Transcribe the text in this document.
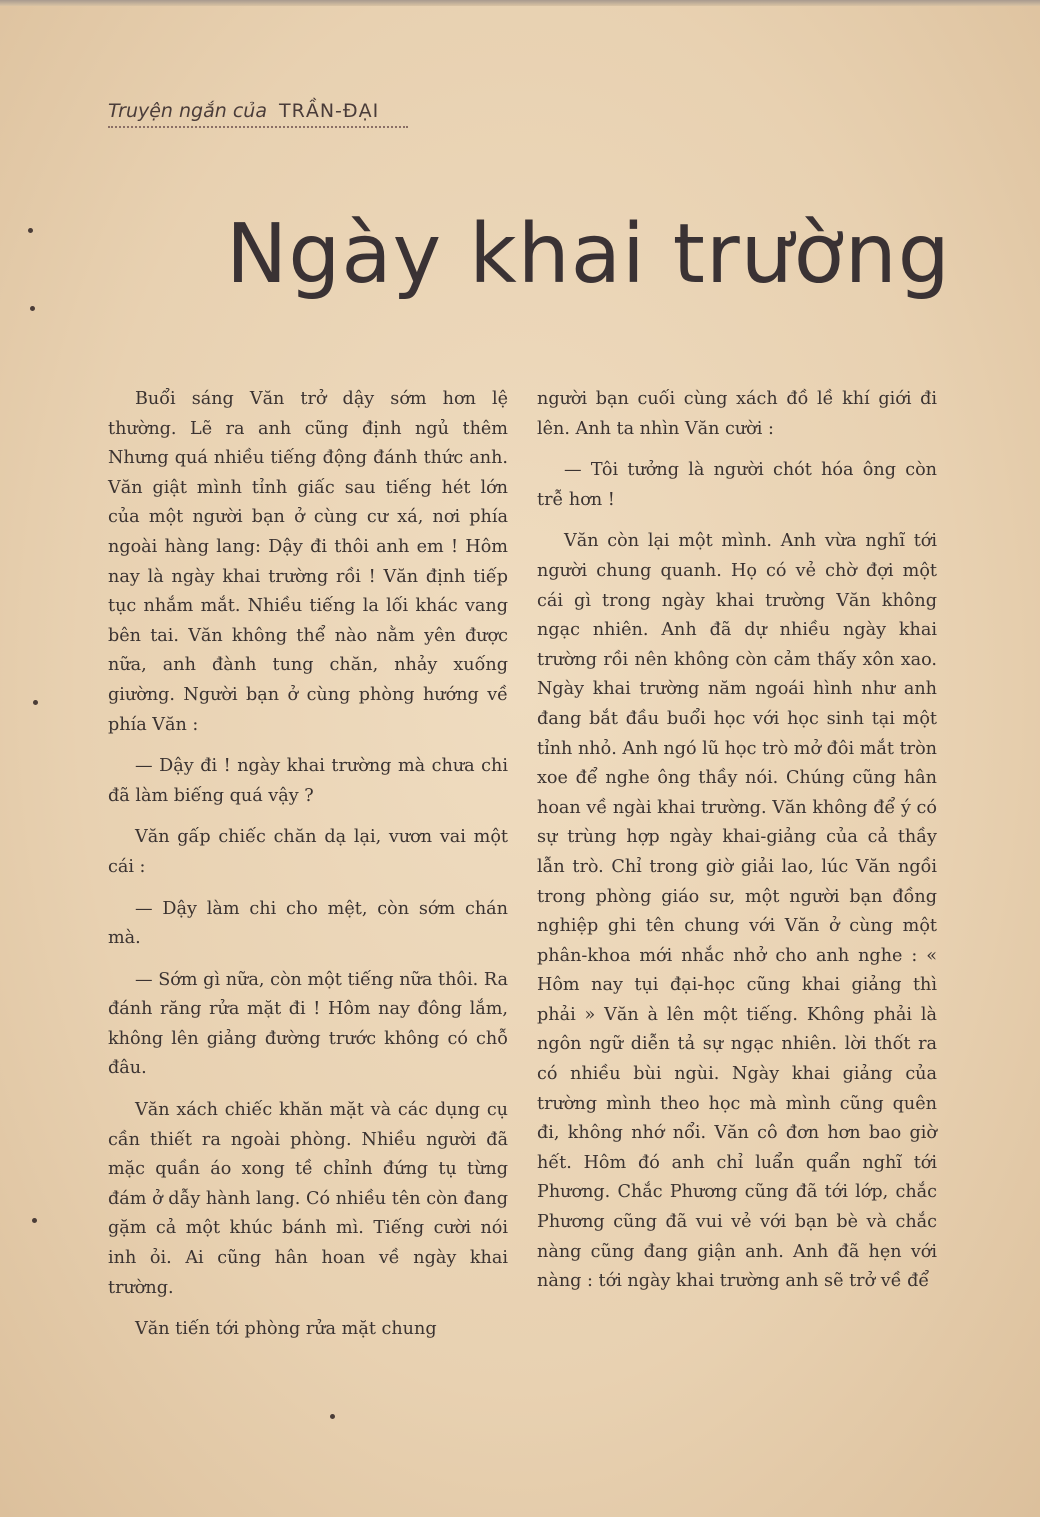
Truyện ngắn của TRẦN-ĐẠI
Ngày khai trường

Buổi sáng Văn trở dậy sớm hơn lệ thường. Lẽ ra anh cũng định ngủ thêm Nhưng quá nhiều tiếng động đánh thức anh. Văn giật mình tỉnh giấc sau tiếng hét lớn của một người bạn ở cùng cư xá, nơi phía ngoài hàng lang: Dậy đi thôi anh em ! Hôm nay là ngày khai trường rồi ! Văn định tiếp tục nhắm mắt. Nhiều tiếng la lối khác vang bên tai. Văn không thể nào nằm yên được nữa, anh đành tung chăn, nhảy xuống giường. Người bạn ở cùng phòng hướng về phía Văn :

— Dậy đi ! ngày khai trường mà chưa chi đã làm biếng quá vậy ?

Văn gấp chiếc chăn dạ lại, vươn vai một cái :

— Dậy làm chi cho mệt, còn sớm chán mà.

— Sớm gì nữa, còn một tiếng nữa thôi. Ra đánh răng rửa mặt đi ! Hôm nay đông lắm, không lên giảng đường trước không có chỗ đâu.

Văn xách chiếc khăn mặt và các dụng cụ cần thiết ra ngoài phòng. Nhiều người đã mặc quần áo xong tề chỉnh đứng tụ từng đám ở dẫy hành lang. Có nhiều tên còn đang gặm cả một khúc bánh mì. Tiếng cười nói inh ỏi. Ai cũng hân hoan về ngày khai trường.

Văn tiến tới phòng rửa mặt chung

người bạn cuối cùng xách đồ lề khí giới đi lên. Anh ta nhìn Văn cười :

— Tôi tưởng là người chót hóa ông còn trễ hơn !

Văn còn lại một mình. Anh vừa nghĩ tới người chung quanh. Họ có vẻ chờ đợi một cái gì trong ngày khai trường Văn không ngạc nhiên. Anh đã dự nhiều ngày khai trường rồi nên không còn cảm thấy xôn xao. Ngày khai trường năm ngoái hình như anh đang bắt đầu buổi học với học sinh tại một tỉnh nhỏ. Anh ngó lũ học trò mở đôi mắt tròn xoe để nghe ông thầy nói. Chúng cũng hân hoan về ngài khai trường. Văn không để ý có sự trùng hợp ngày khai-giảng của cả thầy lẫn trò. Chỉ trong giờ giải lao, lúc Văn ngồi trong phòng giáo sư, một người bạn đồng nghiệp ghi tên chung với Văn ở cùng một phân-khoa mới nhắc nhở cho anh nghe : « Hôm nay tụi đại-học cũng khai giảng thì phải » Văn à lên một tiếng. Không phải là ngôn ngữ diễn tả sự ngạc nhiên. lời thốt ra có nhiều bùi ngùi. Ngày khai giảng của trường mình theo học mà mình cũng quên đi, không nhớ nổi. Văn cô đơn hơn bao giờ hết. Hôm đó anh chỉ luẩn quẩn nghĩ tới Phương. Chắc Phương cũng đã tới lớp, chắc Phương cũng đã vui vẻ với bạn bè và chắc nàng cũng đang giận anh. Anh đã hẹn với nàng : tới ngày khai trường anh sẽ trở về để
